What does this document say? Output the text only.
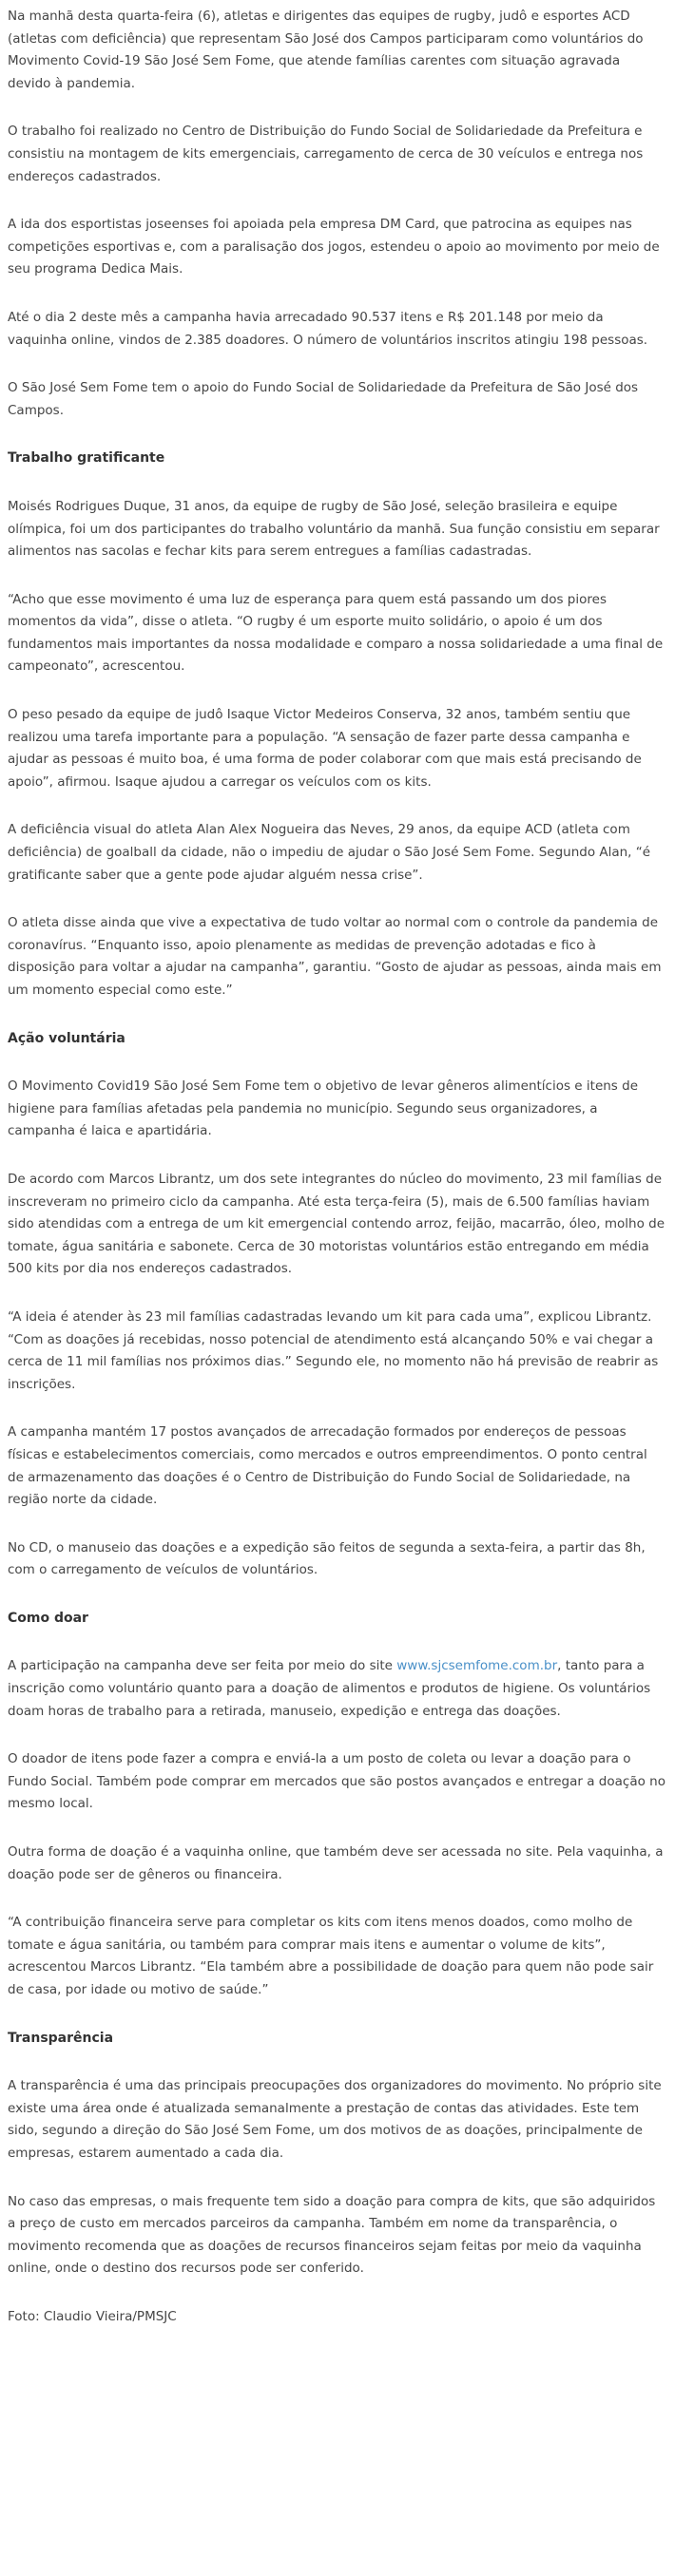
Na manhã desta quarta-feira (6), atletas e dirigentes das equipes de rugby, judô e esportes ACD (atletas com deficiência) que representam São José dos Campos participaram como voluntários do Movimento Covid-19 São José Sem Fome, que atende famílias carentes com situação agravada devido à pandemia.

O trabalho foi realizado no Centro de Distribuição do Fundo Social de Solidariedade da Prefeitura e consistiu na montagem de kits emergenciais, carregamento de cerca de 30 veículos e entrega nos endereços cadastrados.

A ida dos esportistas joseenses foi apoiada pela empresa DM Card, que patrocina as equipes nas competições esportivas e, com a paralisação dos jogos, estendeu o apoio ao movimento por meio de seu programa Dedica Mais.

Até o dia 2 deste mês a campanha havia arrecadado 90.537 itens e R$ 201.148 por meio da vaquinha online, vindos de 2.385 doadores. O número de voluntários inscritos atingiu 198 pessoas.

O São José Sem Fome tem o apoio do Fundo Social de Solidariedade da Prefeitura de São José dos Campos.

Trabalho gratificante

Moisés Rodrigues Duque, 31 anos, da equipe de rugby de São José, seleção brasileira e equipe olímpica, foi um dos participantes do trabalho voluntário da manhã. Sua função consistiu em separar alimentos nas sacolas e fechar kits para serem entregues a famílias cadastradas.

“Acho que esse movimento é uma luz de esperança para quem está passando um dos piores momentos da vida”, disse o atleta. “O rugby é um esporte muito solidário, o apoio é um dos fundamentos mais importantes da nossa modalidade e comparo a nossa solidariedade a uma final de campeonato”, acrescentou.

O peso pesado da equipe de judô Isaque Victor Medeiros Conserva, 32 anos, também sentiu que realizou uma tarefa importante para a população. “A sensação de fazer parte dessa campanha e ajudar as pessoas é muito boa, é uma forma de poder colaborar com que mais está precisando de apoio”, afirmou. Isaque ajudou a carregar os veículos com os kits.

A deficiência visual do atleta Alan Alex Nogueira das Neves, 29 anos, da equipe ACD (atleta com deficiência) de goalball da cidade, não o impediu de ajudar o São José Sem Fome. Segundo Alan, “é gratificante saber que a gente pode ajudar alguém nessa crise”.

O atleta disse ainda que vive a expectativa de tudo voltar ao normal com o controle da pandemia de coronavírus. “Enquanto isso, apoio plenamente as medidas de prevenção adotadas e fico à disposição para voltar a ajudar na campanha”, garantiu. “Gosto de ajudar as pessoas, ainda mais em um momento especial como este.”

Ação voluntária

O Movimento Covid19 São José Sem Fome tem o objetivo de levar gêneros alimentícios e itens de higiene para famílias afetadas pela pandemia no município. Segundo seus organizadores, a campanha é laica e apartidária.

De acordo com Marcos Librantz, um dos sete integrantes do núcleo do movimento, 23 mil famílias de inscreveram no primeiro ciclo da campanha. Até esta terça-feira (5), mais de 6.500 famílias haviam sido atendidas com a entrega de um kit emergencial contendo arroz, feijão, macarrão, óleo, molho de tomate, água sanitária e sabonete. Cerca de 30 motoristas voluntários estão entregando em média 500 kits por dia nos endereços cadastrados.

“A ideia é atender às 23 mil famílias cadastradas levando um kit para cada uma”, explicou Librantz. “Com as doações já recebidas, nosso potencial de atendimento está alcançando 50% e vai chegar a cerca de 11 mil famílias nos próximos dias.” Segundo ele, no momento não há previsão de reabrir as inscrições.

A campanha mantém 17 postos avançados de arrecadação formados por endereços de pessoas físicas e estabelecimentos comerciais, como mercados e outros empreendimentos. O ponto central de armazenamento das doações é o Centro de Distribuição do Fundo Social de Solidariedade, na região norte da cidade.

No CD, o manuseio das doações e a expedição são feitos de segunda a sexta-feira, a partir das 8h, com o carregamento de veículos de voluntários.

Como doar

A participação na campanha deve ser feita por meio do site www.sjcsemfome.com.br, tanto para a inscrição como voluntário quanto para a doação de alimentos e produtos de higiene. Os voluntários doam horas de trabalho para a retirada, manuseio, expedição e entrega das doações.

O doador de itens pode fazer a compra e enviá-la a um posto de coleta ou levar a doação para o Fundo Social. Também pode comprar em mercados que são postos avançados e entregar a doação no mesmo local.

Outra forma de doação é a vaquinha online, que também deve ser acessada no site. Pela vaquinha, a doação pode ser de gêneros ou financeira.

“A contribuição financeira serve para completar os kits com itens menos doados, como molho de tomate e água sanitária, ou também para comprar mais itens e aumentar o volume de kits”, acrescentou Marcos Librantz. “Ela também abre a possibilidade de doação para quem não pode sair de casa, por idade ou motivo de saúde.”

Transparência

A transparência é uma das principais preocupações dos organizadores do movimento. No próprio site existe uma área onde é atualizada semanalmente a prestação de contas das atividades. Este tem sido, segundo a direção do São José Sem Fome, um dos motivos de as doações, principalmente de empresas, estarem aumentado a cada dia.

No caso das empresas, o mais frequente tem sido a doação para compra de kits, que são adquiridos a preço de custo em mercados parceiros da campanha. Também em nome da transparência, o movimento recomenda que as doações de recursos financeiros sejam feitas por meio da vaquinha online, onde o destino dos recursos pode ser conferido.

Foto: Claudio Vieira/PMSJC
